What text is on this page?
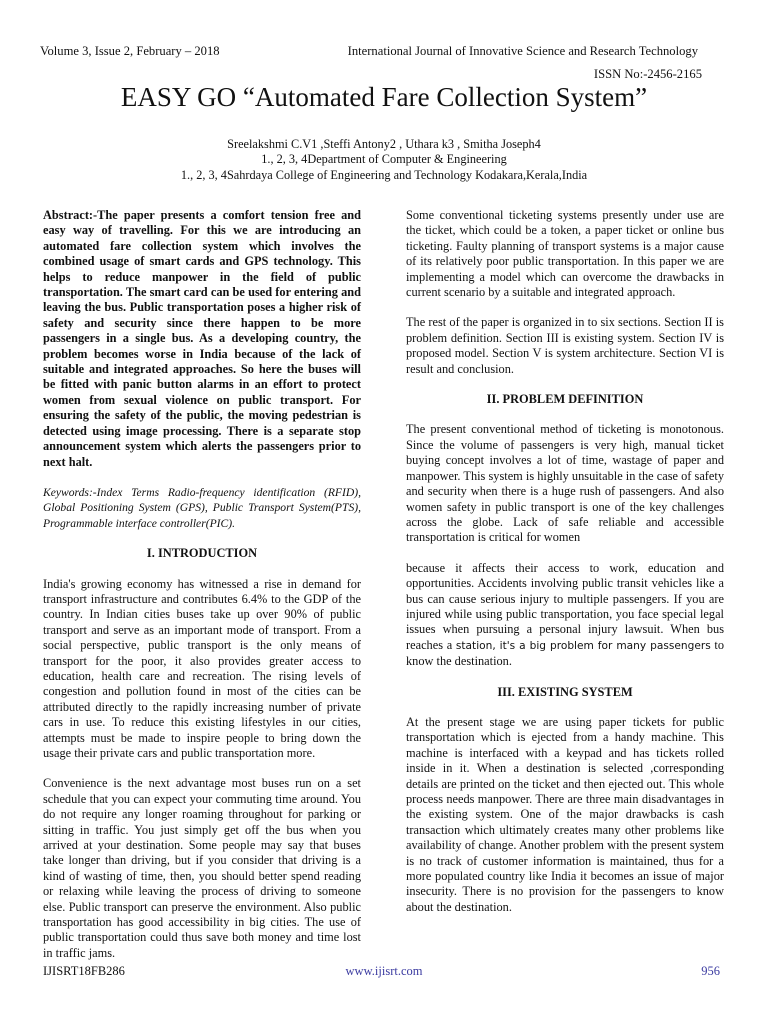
Volume 3, Issue 2, February – 2018	International Journal of Innovative Science and Research Technology
ISSN No:-2456-2165
EASY GO “Automated Fare Collection System”
Sreelakshmi C.V1 ,Steffi Antony2 , Uthara k3 , Smitha Joseph4
1., 2, 3, 4Department of Computer & Engineering
1., 2, 3, 4Sahrdaya College of Engineering and Technology Kodakara,Kerala,India

Abstract:-The paper presents a comfort tension free and easy way of travelling. For this we are introducing an automated fare collection system which involves the combined usage of smart cards and GPS technology. This helps to reduce manpower in the field of public transportation. The smart card can be used for entering and leaving the bus. Public transportation poses a higher risk of safety and security since there happen to be more passengers in a single bus. As a developing country, the problem becomes worse in India because of the lack of suitable and integrated approaches. So here the buses will be fitted with panic button alarms in an effort to protect women from sexual violence on public transport. For ensuring the safety of the public, the moving pedestrian is detected using image processing. There is a separate stop announcement system which alerts the passengers prior to next halt.

Keywords:-Index Terms Radio-frequency identification (RFID), Global Positioning System (GPS), Public Transport System(PTS), Programmable interface controller(PIC).

I. INTRODUCTION

India's growing economy has witnessed a rise in demand for transport infrastructure and contributes 6.4% to the GDP of the country. In Indian cities buses take up over 90% of public transport and serve as an important mode of transport. From a social perspective, public transport is the only means of transport for the poor, it also provides greater access to education, health care and recreation. The rising levels of congestion and pollution found in most of the cities can be attributed directly to the rapidly increasing number of private cars in use. To reduce this existing lifestyles in our cities, attempts must be made to inspire people to bring down the usage their private cars and public transportation more.

Convenience is the next advantage most buses run on a set schedule that you can expect your commuting time around. You do not require any longer roaming throughout for parking or sitting in traffic. You just simply get off the bus when you arrived at your destination. Some people may say that buses take longer than driving, but if you consider that driving is a kind of wasting of time, then, you should better spend reading or relaxing while leaving the process of driving to someone else. Public transport can preserve the environment. Also public transportation has good accessibility in big cities. The use of public transportation could thus save both money and time lost in traffic jams.

Some conventional ticketing systems presently under use are the ticket, which could be a token, a paper ticket or online bus ticketing. Faulty planning of transport systems is a major cause of its relatively poor public transportation. In this paper we are implementing a model which can overcome the drawbacks in current scenario by a suitable and integrated approach.

The rest of the paper is organized in to six sections. Section II is problem definition. Section III is existing system. Section IV is proposed model. Section V is system architecture. Section VI is result and conclusion.

II. PROBLEM DEFINITION

The present conventional method of ticketing is monotonous. Since the volume of passengers is very high, manual ticket buying concept involves a lot of time, wastage of paper and manpower. This system is highly unsuitable in the case of safety and security when there is a huge rush of passengers. And also women safety in public transport is one of the key challenges across the globe. Lack of safe reliable and accessible transportation is critical for women

because it affects their access to work, education and opportunities. Accidents involving public transit vehicles like a bus can cause serious injury to multiple passengers. If you are injured while using public transportation, you face special legal issues when pursuing a personal injury lawsuit. When bus reaches a station, it's a big problem for many passengers to know the destination.

III. EXISTING SYSTEM

At the present stage we are using paper tickets for public transportation which is ejected from a handy machine. This machine is interfaced with a keypad and has tickets rolled inside in it. When a destination is selected ,corresponding details are printed on the ticket and then ejected out. This whole process needs manpower. There are three main disadvantages in the existing system. One of the major drawbacks is cash transaction which ultimately creates many other problems like availability of change. Another problem with the present system is no track of customer information is maintained, thus for a more populated country like India it becomes an issue of major insecurity. There is no provision for the passengers to know about the destination.

IJISRT18FB286	www.ijisrt.com	956
